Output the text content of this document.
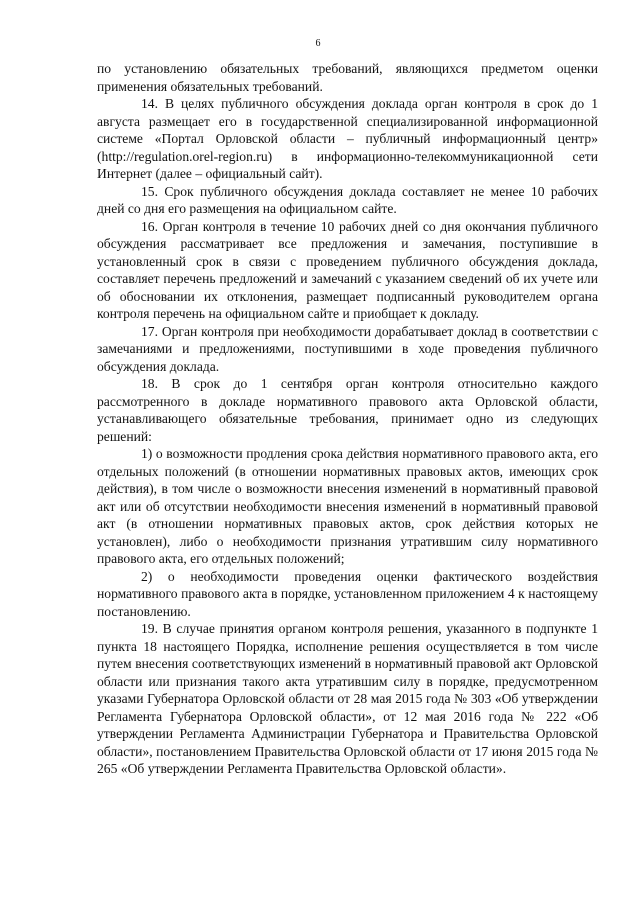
6

по установлению обязательных требований, являющихся предметом оценки применения обязательных требований.

14. В целях публичного обсуждения доклада орган контроля в срок до 1 августа размещает его в государственной специализированной информационной системе «Портал Орловской области – публичный информационный центр» (http://regulation.orel-region.ru) в информационно-телекоммуникационной сети Интернет (далее – официальный сайт).

15. Срок публичного обсуждения доклада составляет не менее 10 рабочих дней со дня его размещения на официальном сайте.

16. Орган контроля в течение 10 рабочих дней со дня окончания публичного обсуждения рассматривает все предложения и замечания, поступившие в установленный срок в связи с проведением публичного обсуждения доклада, составляет перечень предложений и замечаний с указанием сведений об их учете или об обосновании их отклонения, размещает подписанный руководителем органа контроля перечень на официальном сайте и приобщает к докладу.

17. Орган контроля при необходимости дорабатывает доклад в соответствии с замечаниями и предложениями, поступившими в ходе проведения публичного обсуждения доклада.

18. В срок до 1 сентября орган контроля относительно каждого рассмотренного в докладе нормативного правового акта Орловской области, устанавливающего обязательные требования, принимает одно из следующих решений:

1) о возможности продления срока действия нормативного правового акта, его отдельных положений (в отношении нормативных правовых актов, имеющих срок действия), в том числе о возможности внесения изменений в нормативный правовой акт или об отсутствии необходимости внесения изменений в нормативный правовой акт (в отношении нормативных правовых актов, срок действия которых не установлен), либо о необходимости признания утратившим силу нормативного правового акта, его отдельных положений;

2) о необходимости проведения оценки фактического воздействия нормативного правового акта в порядке, установленном приложением 4 к настоящему постановлению.

19. В случае принятия органом контроля решения, указанного в подпункте 1 пункта 18 настоящего Порядка, исполнение решения осуществляется в том числе путем внесения соответствующих изменений в нормативный правовой акт Орловской области или признания такого акта утратившим силу в порядке, предусмотренном указами Губернатора Орловской области от 28 мая 2015 года № 303 «Об утверждении Регламента Губернатора Орловской области», от 12 мая 2016 года № 222 «Об утверждении Регламента Администрации Губернатора и Правительства Орловской области», постановлением Правительства Орловской области от 17 июня 2015 года № 265 «Об утверждении Регламента Правительства Орловской области».
